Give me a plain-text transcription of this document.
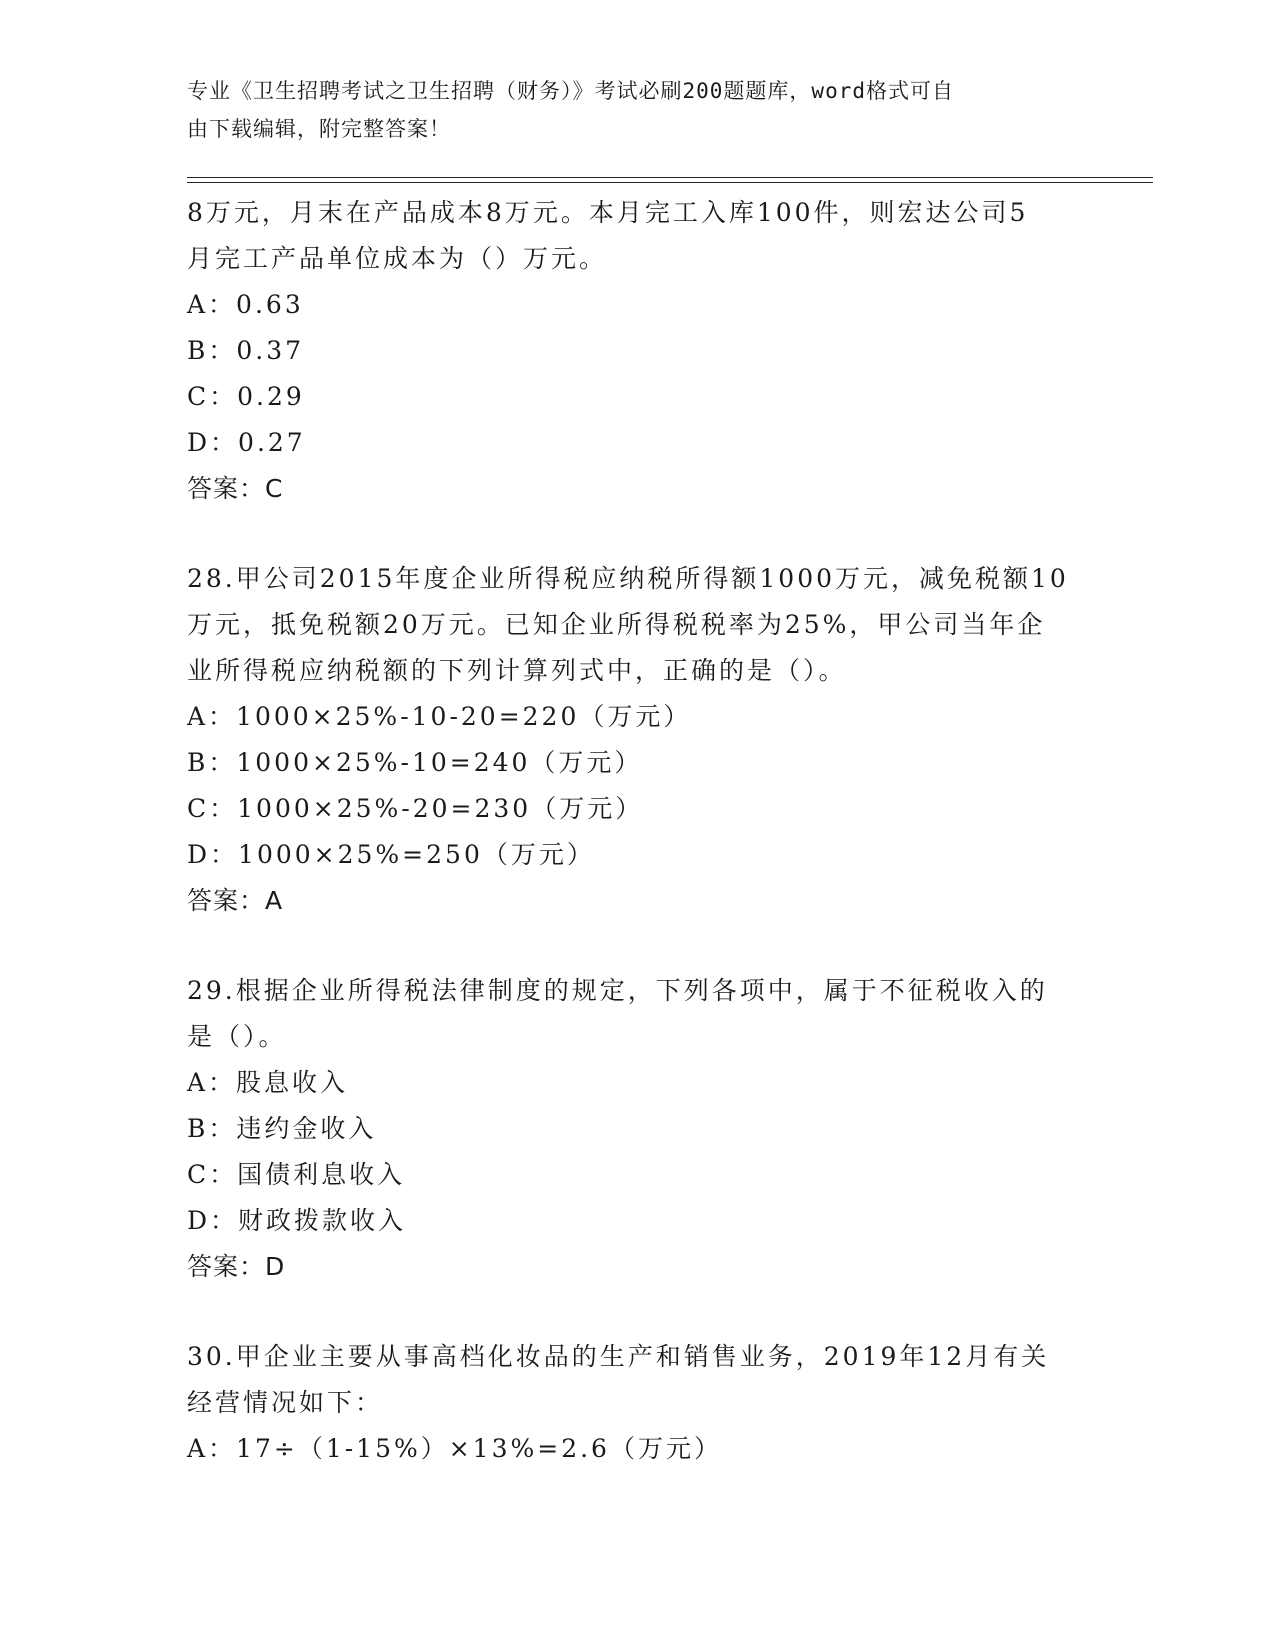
专业《卫生招聘考试之卫生招聘（财务）》考试必刷200题题库，word格式可自
由下载编辑，附完整答案！

8万元，月末在产品成本8万元。本月完工入库100件，则宏达公司5

月完工产品单位成本为（）万元。

A：0.63

B：0.37

C：0.29

D：0.27

答案：C

28.甲公司2015年度企业所得税应纳税所得额1000万元，减免税额10

万元，抵免税额20万元。已知企业所得税税率为25%，甲公司当年企

业所得税应纳税额的下列计算列式中，正确的是（）。

A：1000×25%-10-20=220（万元）

B：1000×25%-10=240（万元）

C：1000×25%-20=230（万元）

D：1000×25%=250（万元）

答案：A

29.根据企业所得税法律制度的规定，下列各项中，属于不征税收入的

是（）。

A：股息收入

B：违约金收入

C：国债利息收入

D：财政拨款收入

答案：D

30.甲企业主要从事高档化妆品的生产和销售业务，2019年12月有关

经营情况如下：

A：17÷（1-15%）×13%=2.6（万元）
